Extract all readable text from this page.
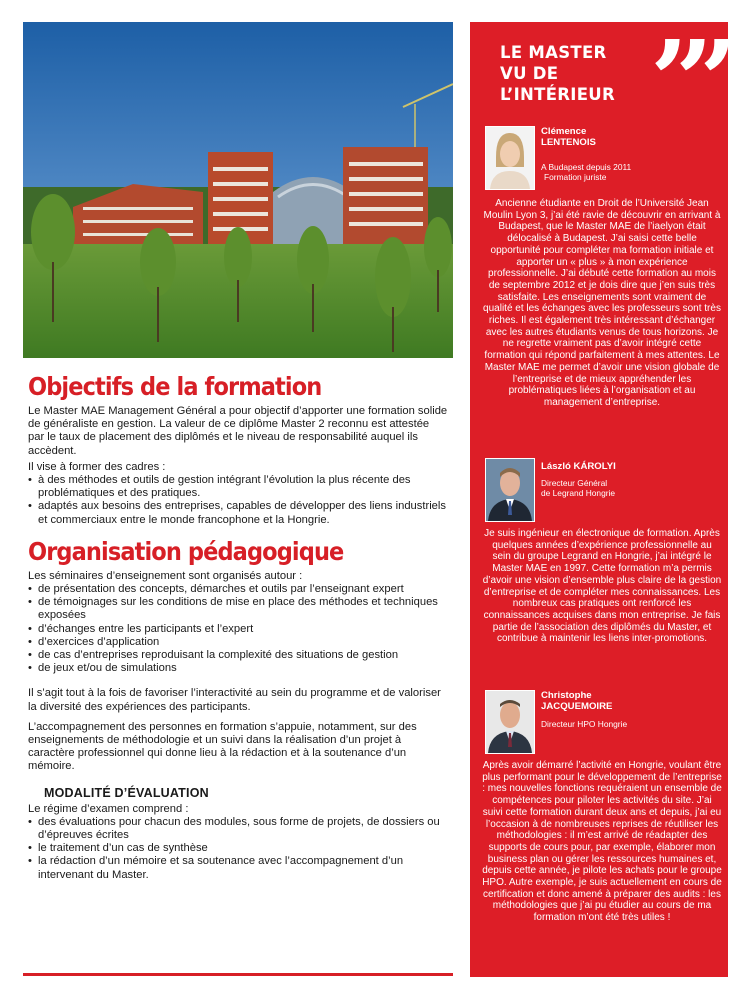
Objectifs de la formation

Le Master MAE Management Général a pour objectif d’apporter une formation solide de généraliste en gestion. La valeur de ce diplôme Master 2 reconnu est attestée par le taux de placement des diplômés et le niveau de responsabilité auquel ils accèdent.

Il vise à former des cadres :

• à des méthodes et outils de gestion intégrant l’évolution la plus récente des problématiques et des pratiques.
• adaptés aux besoins des entreprises, capables de développer des liens industriels et commerciaux entre le monde francophone et la Hongrie.
Organisation pédagogique

Les séminaires d’enseignement sont organisés autour :

• de présentation des concepts, démarches et outils par l’enseignant expert
• de témoignages sur les conditions de mise en place des méthodes et techniques exposées
• d’échanges entre les participants et l’expert
• d’exercices d’application
• de cas d’entreprises reproduisant la complexité des situations de gestion
• de jeux et/ou de simulations

Il s’agit tout à la fois de favoriser l’interactivité au sein du programme et de valoriser la diversité des expériences des participants.

L’accompagnement des personnes en formation s’appuie, notamment, sur des enseignements de méthodologie et un suivi dans la réalisation d’un projet à caractère professionnel qui donne lieu à la rédaction et à la soutenance d’un mémoire.

MODALITÉ D’ÉVALUATION

Le régime d’examen comprend :

• des évaluations pour chacun des modules, sous forme de projets, de dossiers ou d’épreuves écrites
• le traitement d’un cas de synthèse
• la rédaction d’un mémoire et sa soutenance avec l’accompagnement d’un intervenant du Master.
LE MASTER
VU DE
L’INTÉRIEUR ””
Clémence
LENTENOIS
A Budapest depuis 2011
Formation juriste
Ancienne étudiante en Droit de l’Université Jean Moulin Lyon 3, j’ai été ravie de découvrir en arrivant à Budapest, que le Master MAE de l’iaelyon était délocalisé à Budapest. J’ai saisi cette belle opportunité pour compléter ma formation initiale et apporter un « plus » à mon expérience professionnelle. J’ai débuté cette formation au mois de septembre 2012 et je dois dire que j’en suis très satisfaite. Les enseignements sont vraiment de qualité et les échanges avec les professeurs sont très riches. Il est également très intéressant d’échanger avec les autres étudiants venus de tous horizons. Je ne regrette vraiment pas d’avoir intégré cette formation qui répond parfaitement à mes attentes. Le Master MAE me permet d’avoir une vision globale de l’entreprise et de mieux appréhender les problématiques liées à l’organisation et au management d’entreprise.
László KÁROLYI
Directeur Général
de Legrand Hongrie
Je suis ingénieur en électronique de formation. Après quelques années d’expérience professionnelle au sein du groupe Legrand en Hongrie, j’ai intégré le Master MAE en 1997. Cette formation m’a permis d’avoir une vision d’ensemble plus claire de la gestion d’entreprise et de compléter mes connaissances. Les nombreux cas pratiques ont renforcé les connaissances acquises dans mon entreprise. Je fais partie de l’association des diplômés du Master, et contribue à maintenir les liens inter-promotions.
Christophe
JACQUEMOIRE
Directeur HPO Hongrie
Après avoir démarré l’activité en Hongrie, voulant être plus performant pour le développement de l’entreprise : mes nouvelles fonctions requéraient un ensemble de compétences pour piloter les activités du site. J’ai suivi cette formation durant deux ans et depuis, j’ai eu l’occasion à de nombreuses reprises de réutiliser les méthodologies : il m’est arrivé de réadapter des supports de cours pour, par exemple, élaborer mon business plan ou gérer les ressources humaines et, depuis cette année, je pilote les achats pour le groupe HPO. Autre exemple, je suis actuellement en cours de certification et donc amené à préparer des audits : les méthodologies que j’ai pu étudier au cours de ma formation m’ont été très utiles !
